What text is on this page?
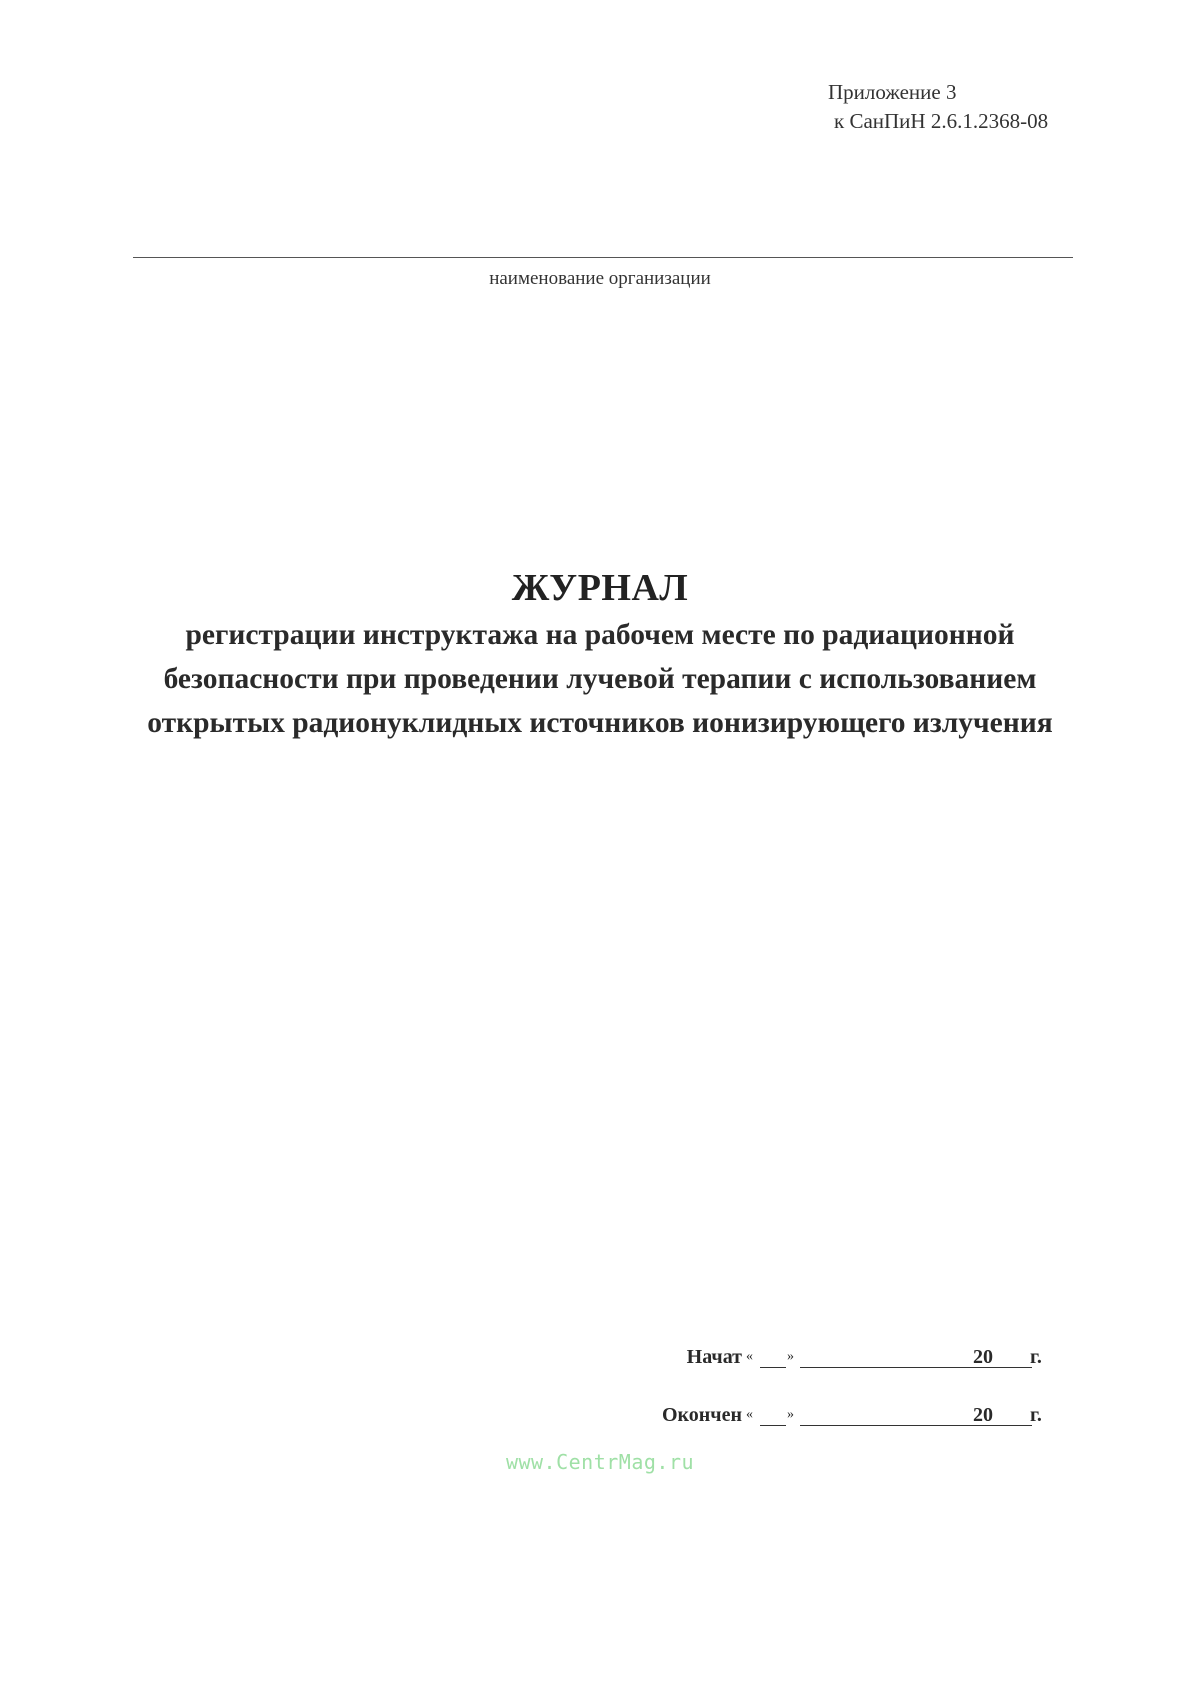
Приложение 3
к СанПиН 2.6.1.2368-08
наименование организации
ЖУРНАЛ
регистрации инструктажа на рабочем месте по радиационной
безопасности при проведении лучевой терапии с использованием
открытых радионуклидных источников ионизирующего излучения
Начат « »	20 г.
Окончен « »	20 г.
www.CentrMag.ru
